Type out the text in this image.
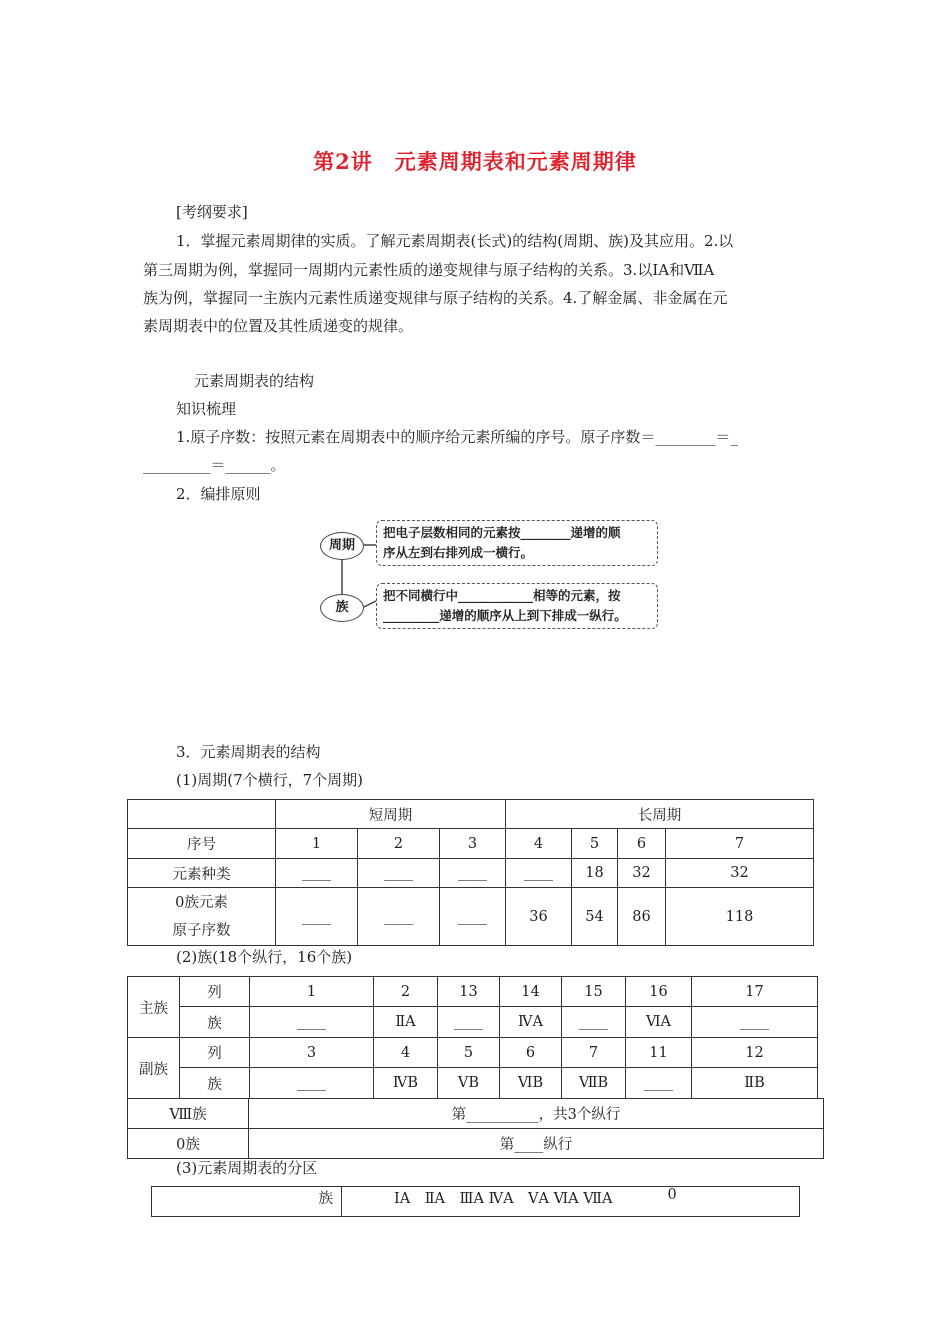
第2讲　元素周期表和元素周期律
[考纲要求]
1．掌握元素周期律的实质。了解元素周期表(长式)的结构(周期、族)及其应用。2.以
第三周期为例，掌握同一周期内元素性质的递变规律与原子结构的关系。3.以ⅠA和ⅦA
族为例，掌握同一主族内元素性质递变规律与原子结构的关系。4.了解金属、非金属在元
素周期表中的位置及其性质递变的规律。
元素周期表的结构
知识梳理
1.原子序数：按照元素在周期表中的顺序给元素所编的序号。原子序数＝________＝_
_________＝______。
2．编排原则
周期
族
把电子层数相同的元素按________递增的顺
序从左到右排列成一横行。
把不同横行中____________相等的元素，按
_________递增的顺序从上到下排成一纵行。
3．元素周期表的结构
(1)周期(7个横行，7个周期)
	短周期			长周期			
序号	1	2	3	4	5	6	7
元素种类	____	____	____	____	18	32	32

0族元素
原子序数	____	____	____	36	54	86	118
(2)族(18个纵行，16个族)
主族	列	1	2	13	14	15	16	17
	族	____	ⅡA	____	ⅣA	____	ⅥA	____
副族	列	3	4	5	6	7	11	12
	族	____	ⅣB	ⅤB	ⅥB	ⅦB	____	ⅡB
Ⅷ族	第__________，共3个纵行
0族	第____纵行
(3)元素周期表的分区
族	ⅠA　ⅡA　ⅢA ⅣA　ⅤA ⅥA ⅦA	0
